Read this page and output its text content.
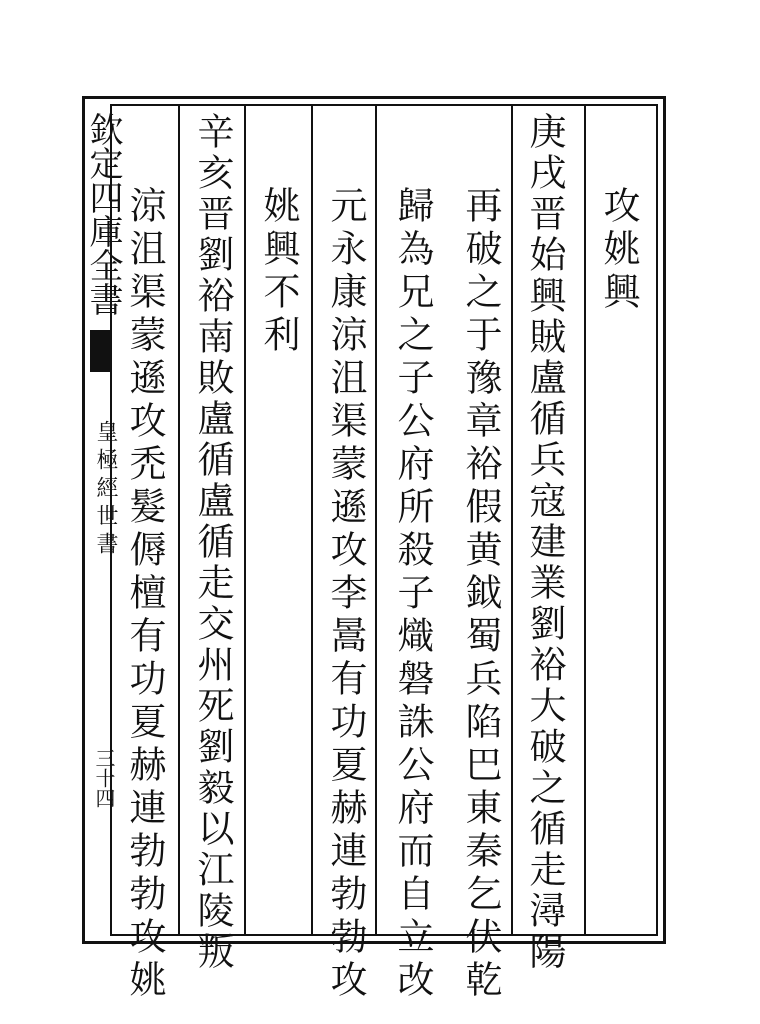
欽定四庫全書
皇極經世書
三十四
攻姚興
庚戌晋始興賊盧循兵寇建業劉裕大破之循走潯陽
再破之于豫章裕假黄鉞蜀兵陷巴東秦乞伏乾
歸為兄之子公府所殺子熾磐誅公府而自立改
元永康涼沮渠蒙遜攻李暠有功夏赫連勃勃攻
姚興不利
辛亥晋劉裕南敗盧循盧循走交州死劉毅以江陵叛
涼沮渠蒙遜攻禿髮傉檀有功夏赫連勃勃攻姚
